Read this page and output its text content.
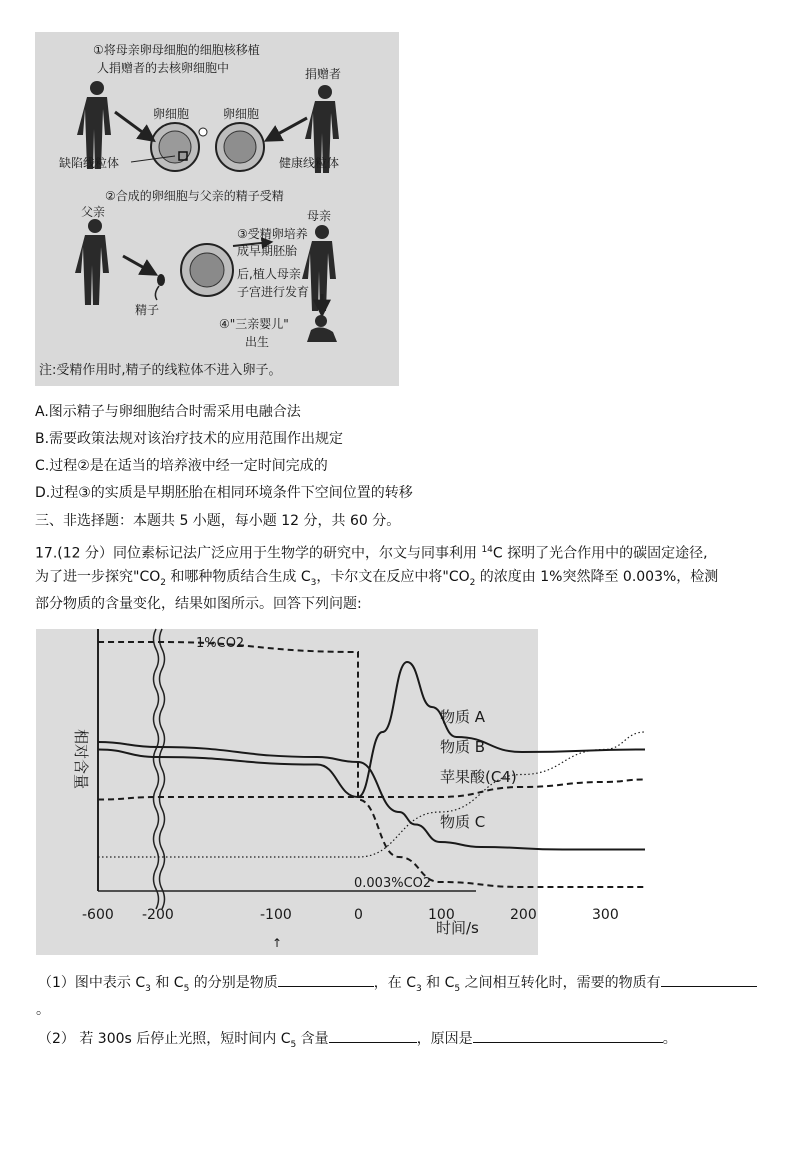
①将母亲卵母细胞的细胞核移植
人捐赠者的去核卵细胞中	捐赠者
卵细胞	卵细胞
缺陷线粒体	健康线粒体
②合成的卵细胞与父亲的精子受精
父亲	母亲
精子
③受精卵培养
成早期胚胎
后,植人母亲
子宫进行发育
④"三亲婴儿"
出生
注:受精作用时,精子的线粒体不进入卵子。
A.图示精子与卵细胞结合时需采用电融合法
B.需要政策法规对该治疗技术的应用范围作出规定
C.过程②是在适当的培养液中经一定时间完成的
D.过程③的实质是早期胚胎在相同环境条件下空间位置的转移
三、非选择题：本题共 5 小题，每小题 12 分，共 60 分。
17.(12 分）同位素标记法广泛应用于生物学的研究中，尔文与同事利用 $^{14}$C 探明了光合作用中的碳固定途径,
为了进一步探究"$CO_2$ 和哪种物质结合生成 $C_3$，卡尔文在反应中将"$CO_2$ 的浓度由 1%突然降至 0.003%，检测
部分物质的含量变化，结果如图所示。回答下列问题:
相对含量
时间/s
-600 -200	-100	0	100	200	300
物质 A
物质 B
物质 C
苹果酸(C4)
1%CO2
0.003%CO2
↑
（1）图中表示 $C_3$ 和 $C_5$ 的分别是物质	，在 $C_3$ 和 $C_5$ 之间相互转化时，需要的物质有
。
（2） 若 300s 后停止光照，短时间内 $C_5$ 含量	，原因是	。
